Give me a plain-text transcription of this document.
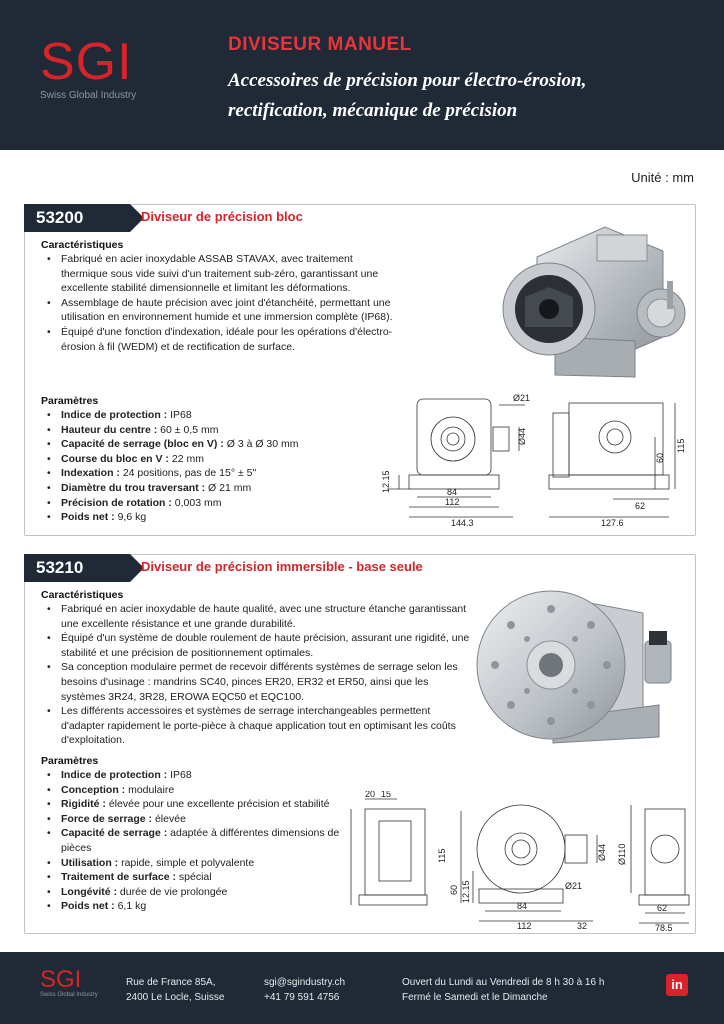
SGI
Swiss Global Industry
DIVISEUR MANUEL
Accessoires de précision pour électro-érosion,
rectification, mécanique de précision
Unité : mm
53200	Diviseur de précision bloc
Caractéristiques
• Fabriqué en acier inoxydable ASSAB STAVAX, avec traitement thermique sous vide suivi d'un traitement sub-zéro, garantissant une excellente stabilité dimensionnelle et limitant les déformations.
• Assemblage de haute précision avec joint d'étanchéité, permettant une utilisation en environnement humide et une immersion complète (IP68).
• Équipé d'une fonction d'indexation, idéale pour les opérations d'électro-érosion à fil (WEDM) et de rectification de surface.
Paramètres
• Indice de protection : IP68
• Hauteur du centre : 60 ± 0,5 mm
• Capacité de serrage (bloc en V) : Ø 3 à Ø 30 mm
• Course du bloc en V : 22 mm
• Indexation : 24 positions, pas de 15° ± 5"
• Diamètre du trou traversant : Ø 21 mm
• Précision de rotation : 0,003 mm
• Poids net : 9,6 kg
Ø21
Ø44
12.15	84
112
144.3
60
115
62
127.6
53210	Diviseur de précision immersible - base seule
Caractéristiques
• Fabriqué en acier inoxydable de haute qualité, avec une structure étanche garantissant une excellente résistance et une grande durabilité.
• Équipé d'un système de double roulement de haute précision, assurant une rigidité, une stabilité et une précision de positionnement optimales.
• Sa conception modulaire permet de recevoir différents systèmes de serrage selon les besoins d'usinage : mandrins SC40, pinces ER20, ER32 et ER50, ainsi que les systèmes 3R24, 3R28, EROWA EQC50 et EQC100.
• Les différents accessoires et systèmes de serrage interchangeables permettent d'adapter rapidement le porte-pièce à chaque application tout en optimisant les coûts d'exploitation.
Paramètres
• Indice de protection : IP68
• Conception : modulaire
• Rigidité : élevée pour une excellente précision et stabilité
• Force de serrage : élevée
• Capacité de serrage : adaptée à différentes dimensions de pièces
• Utilisation : rapide, simple et polyvalente
• Traitement de surface : spécial
• Longévité : durée de vie prolongée
• Poids net : 6,1 kg
20 15
115
60 12.15	Ø21
Ø44
84
112	32
Ø110
62
78.5
SGI
Swiss Global Industry
Rue de France 85A,
2400 Le Locle, Suisse
sgi@sgindustry.ch
+41 79 591 4756
Ouvert du Lundi au Vendredi de 8 h 30 à 16 h
Fermé le Samedi et le Dimanche
in
